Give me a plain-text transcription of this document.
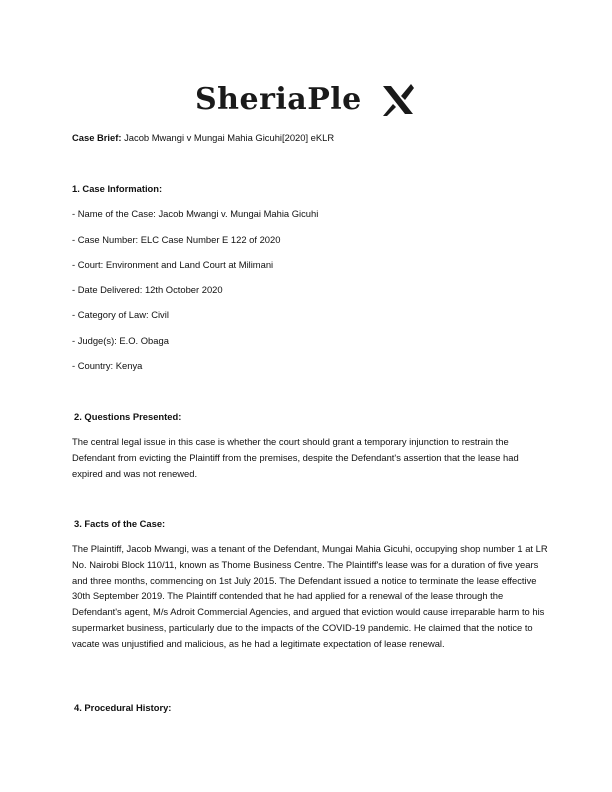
SheriaPle
Case Brief: Jacob Mwangi v Mungai Mahia Gicuhi[2020] eKLR
1. Case Information:
- Name of the Case: Jacob Mwangi v. Mungai Mahia Gicuhi
- Case Number: ELC Case Number E 122 of 2020
- Court: Environment and Land Court at Milimani
- Date Delivered: 12th October 2020
- Category of Law: Civil
- Judge(s): E.O. Obaga
- Country: Kenya
2. Questions Presented:
The central legal issue in this case is whether the court should grant a temporary injunction to restrain the Defendant from evicting the Plaintiff from the premises, despite the Defendant's assertion that the lease had expired and was not renewed.
3. Facts of the Case:
The Plaintiff, Jacob Mwangi, was a tenant of the Defendant, Mungai Mahia Gicuhi, occupying shop number 1 at LR No. Nairobi Block 110/11, known as Thome Business Centre. The Plaintiff's lease was for a duration of five years and three months, commencing on 1st July 2015. The Defendant issued a notice to terminate the lease effective 30th September 2019. The Plaintiff contended that he had applied for a renewal of the lease through the Defendant's agent, M/s Adroit Commercial Agencies, and argued that eviction would cause irreparable harm to his supermarket business, particularly due to the impacts of the COVID-19 pandemic. He claimed that the notice to vacate was unjustified and malicious, as he had a legitimate expectation of lease renewal.
4. Procedural History:
